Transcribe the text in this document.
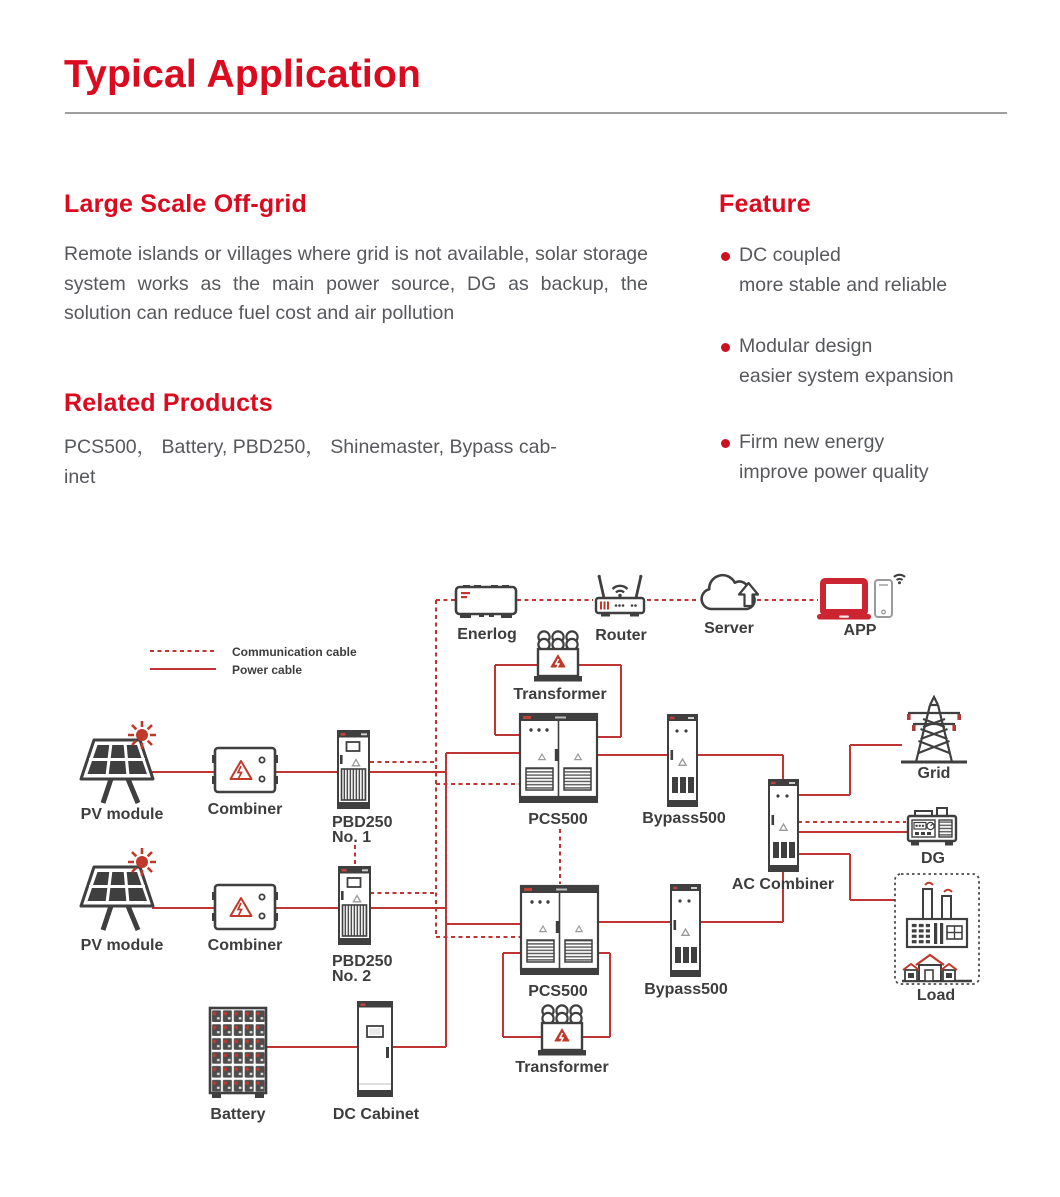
Typical Application
Large Scale Off-grid
Remote islands or villages where grid is not available, solar storage system works as the main power source, DG as backup, the solution can reduce fuel cost and air pollution
Related Products
PCS500， Battery, PBD250， Shinemaster, Bypass cab-
inet
Feature
DC coupled
more stable and reliable
Modular design
easier system expansion
Firm new energy
improve power quality
Communication cable
Power cable
Enerlog	Router	Server	APP
Transformer
PV module	Combiner
PBD250
No. 1
PCS500	Bypass500
PV module	Combiner
PBD250
No. 2
PCS500	Bypass500
AC Combiner
Grid
DG
Load
Transformer
Battery	DC Cabinet
